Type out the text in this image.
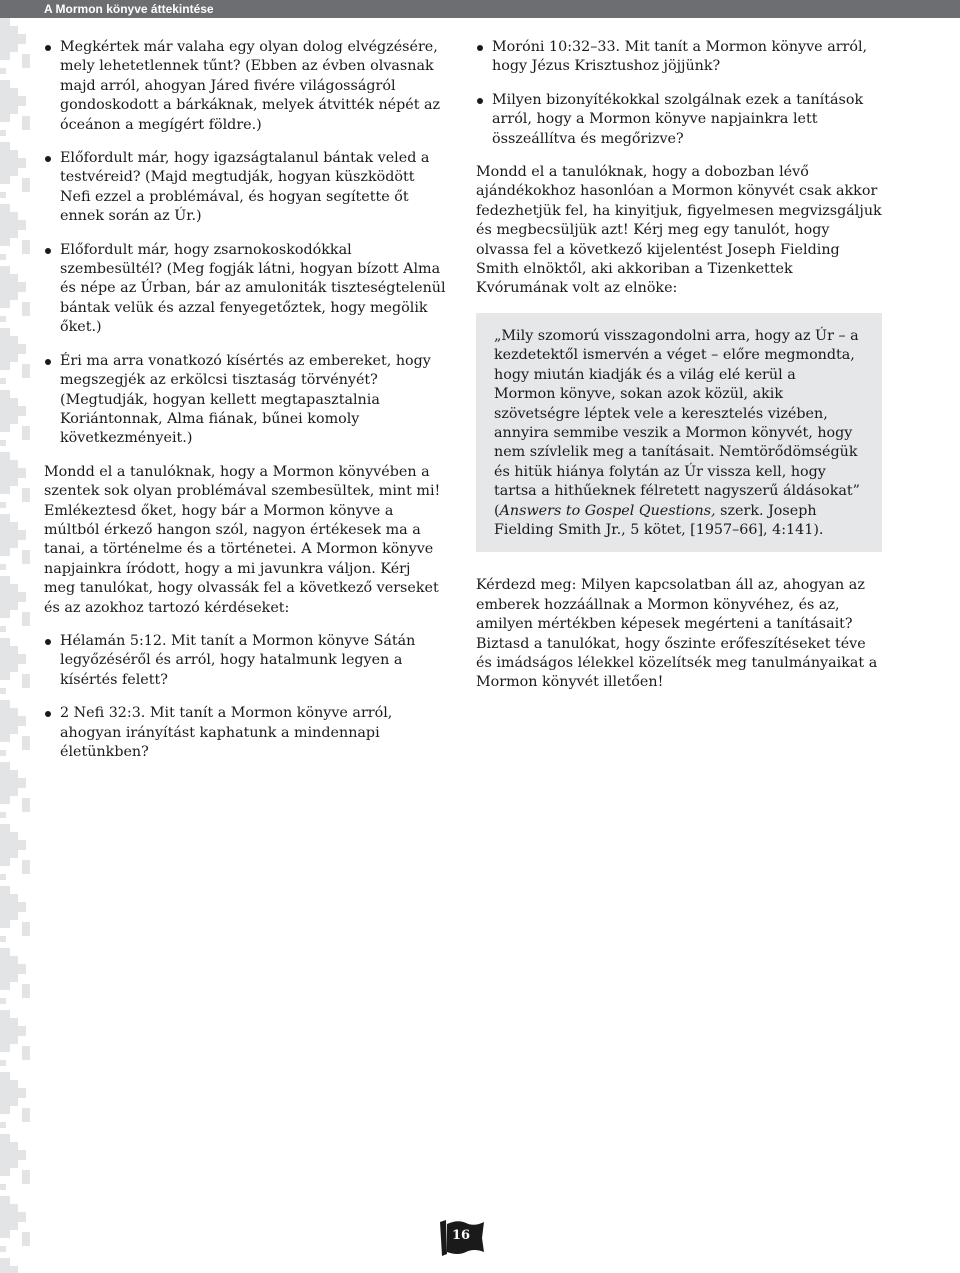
A Mormon könyve áttekintése
Megkértek már valaha egy olyan dolog elvégzésére, mely lehetetlennek tűnt? (Ebben az évben olvasnak majd arról, ahogyan Járed fivére világosságról gondoskodott a bárkáknak, melyek átvitték népét az óceánon a megígért földre.)
Előfordult már, hogy igazságtalanul bántak veled a testvéreid? (Majd megtudják, hogyan küszködött Nefi ezzel a problémával, és hogyan segítette őt ennek során az Úr.)
Előfordult már, hogy zsarnokoskodókkal szembesültél? (Meg fogják látni, hogyan bízott Alma és népe az Úrban, bár az amuloniták tiszteségtelenül bántak velük és azzal fenyegetőztek, hogy megölik őket.)
Éri ma arra vonatkozó kísértés az embereket, hogy megszegjék az erkölcsi tisztaság törvényét? (Megtudják, hogyan kellett megtapasztalnia Koriántonnak, Alma fiának, bűnei komoly következményeit.)

Mondd el a tanulóknak, hogy a Mormon könyvében a szentek sok olyan problémával szembesültek, mint mi! Emlékeztesd őket, hogy bár a Mormon könyve a múltból érkező hangon szól, nagyon értékesek ma a tanai, a történelme és a történetei. A Mormon könyve napjainkra íródott, hogy a mi javunkra váljon. Kérj meg tanulókat, hogy olvassák fel a következő verseket és az azokhoz tartozó kérdéseket:

Hélamán 5:12. Mit tanít a Mormon könyve Sátán legyőzéséről és arról, hogy hatalmunk legyen a kísértés felett?
2 Nefi 32:3. Mit tanít a Mormon könyve arról, ahogyan irányítást kaphatunk a mindennapi életünkben?
Moróni 10:32–33. Mit tanít a Mormon könyve arról, hogy Jézus Krisztushoz jöjjünk?
Milyen bizonyítékokkal szolgálnak ezek a tanítások arról, hogy a Mormon könyve napjainkra lett összeállítva és megőrizve?

Mondd el a tanulóknak, hogy a dobozban lévő ajándékokhoz hasonlóan a Mormon könyvét csak akkor fedezhetjük fel, ha kinyitjuk, figyelmesen megvizsgáljuk és megbecsüljük azt! Kérj meg egy tanulót, hogy olvassa fel a következő kijelentést Joseph Fielding Smith elnöktől, aki akkoriban a Tizenkettek Kvórumának volt az elnöke:

„Mily szomorú visszagondolni arra, hogy az Úr – a kezdetektől ismervén a véget – előre megmondta, hogy miután kiadják és a világ elé kerül a Mormon könyve, sokan azok közül, akik szövetségre léptek vele a keresztelés vizében, annyira semmibe veszik a Mormon könyvét, hogy nem szívlelik meg a tanításait. Nemtörődömségük és hitük hiánya folytán az Úr vissza kell, hogy tartsa a hithűeknek félretett nagyszerű áldásokat” (Answers to Gospel Questions, szerk. Joseph Fielding Smith Jr., 5 kötet, [1957–66], 4:141).

Kérdezd meg: Milyen kapcsolatban áll az, ahogyan az emberek hozzáállnak a Mormon könyvéhez, és az, amilyen mértékben képesek megérteni a tanításait? Biztasd a tanulókat, hogy őszinte erőfeszítéseket téve és imádságos lélekkel közelítsék meg tanulmányaikat a Mormon könyvét illetően!

16
